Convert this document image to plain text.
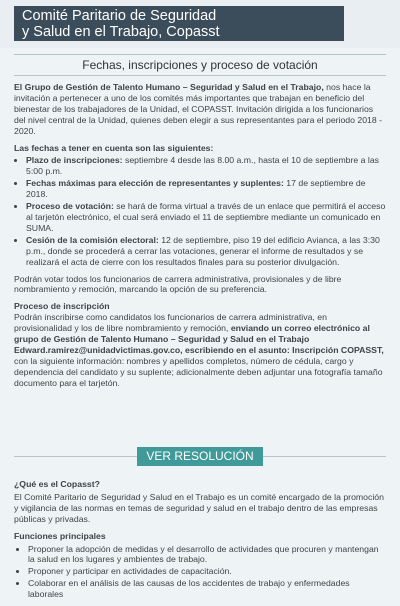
Comité Paritario de Seguridad
y Salud en el Trabajo, Copasst
Fechas, inscripciones y proceso de votación

El Grupo de Gestión de Talento Humano – Seguridad y Salud en el Trabajo, nos hace la invitación a pertenecer a uno de los comités más importantes que trabajan en beneficio del bienestar de los trabajadores de la Unidad, el COPASST. Invitación dirigida a los funcionarios del nivel central de la Unidad, quienes deben elegir a sus representantes para el periodo 2018 - 2020.

Las fechas a tener en cuenta son las siguientes:

• Plazo de inscripciones: septiembre 4 desde las 8.00 a.m., hasta el 10 de septiembre a las 5:00 p.m.
• Fechas máximas para elección de representantes y suplentes: 17 de septiembre de 2018.
• Proceso de votación: se hará de forma virtual a través de un enlace que permitirá el acceso al tarjetón electrónico, el cual será enviado el 11 de septiembre mediante un comunicado en SUMA.
• Cesión de la comisión electoral: 12 de septiembre, piso 19 del edificio Avianca, a las 3:30 p.m., donde se procederá a cerrar las votaciones, generar el informe de resultados y se realizará el acta de cierre con los resultados finales para su posterior divulgación.

Podrán votar todos los funcionarios de carrera administrativa, provisionales y de libre nombramiento y remoción, marcando la opción de su preferencia.

Proceso de inscripción

Podrán inscribirse como candidatos los funcionarios de carrera administrativa, en provisionalidad y los de libre nombramiento y remoción, enviando un correo electrónico al grupo de Gestión de Talento Humano – Seguridad y Salud en el Trabajo Edward.ramirez@unidadvictimas.gov.co, escribiendo en el asunto: Inscripción COPASST, con la siguiente información: nombres y apellidos completos, número de cédula, cargo y dependencia del candidato y su suplente; adicionalmente deben adjuntar una fotografía tamaño documento para el tarjetón.

VER RESOLUCIÓN

¿Qué es el Copasst?

El Comité Paritario de Seguridad y Salud en el Trabajo es un comité encargado de la promoción y vigilancia de las normas en temas de seguridad y salud en el trabajo dentro de las empresas públicas y privadas.

Funciones principales

• Proponer la adopción de medidas y el desarrollo de actividades que procuren y mantengan la salud en los lugares y ambientes de trabajo.
• Proponer y participar en actividades de capacitación.
• Colaborar en el análisis de las causas de los accidentes de trabajo y enfermedades laborales
